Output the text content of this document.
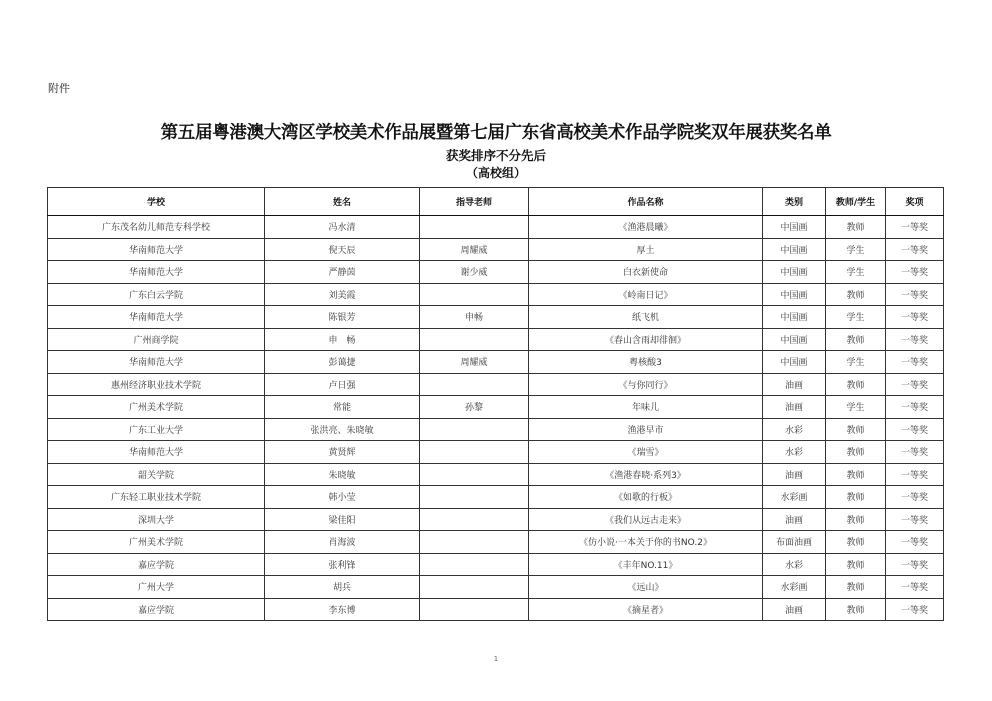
附件
第五届粤港澳大湾区学校美术作品展暨第七届广东省高校美术作品学院奖双年展获奖名单
获奖排序不分先后
（高校组）
学校	姓名	指导老师	作品名称	类别	教师/学生	奖项
广东茂名幼儿师范专科学校	冯水清		《渔港晨曦》	中国画	教师	一等奖
华南师范大学	倪天辰	周耀威	厚土	中国画	学生	一等奖
华南师范大学	严静茵	谢少威	白衣新使命	中国画	学生	一等奖
广东白云学院	刘美霞		《岭南日记》	中国画	教师	一等奖
华南师范大学	陈银芳	申畅	纸飞机	中国画	学生	一等奖
广州商学院	申　畅		《春山含雨却徘徊》	中国画	教师	一等奖
华南师范大学	彭蔼捷	周耀威	粤核酸3	中国画	学生	一等奖
惠州经济职业技术学院	卢日强		《与你同行》	油画	教师	一等奖
广州美术学院	常能	孙黎	年味儿	油画	学生	一等奖
广东工业大学	张洪亮、朱晓敏		渔港早市	水彩	教师	一等奖
华南师范大学	黄贤辉		《瑞雪》	水彩	教师	一等奖
韶关学院	朱晓敏		《渔港春晓·系列3》	油画	教师	一等奖
广东轻工职业技术学院	韩小莹		《如歌的行板》	水彩画	教师	一等奖
深圳大学	梁佳阳		《我们从远古走来》	油画	教师	一等奖
广州美术学院	肖海波		《仿小说·一本关于你的书NO.2》	布面油画	教师	一等奖
嘉应学院	张利锋		《丰年NO.11》	水彩	教师	一等奖
广州大学	胡兵		《远山》	水彩画	教师	一等奖
嘉应学院	李东博		《摘星者》	油画	教师	一等奖
1
